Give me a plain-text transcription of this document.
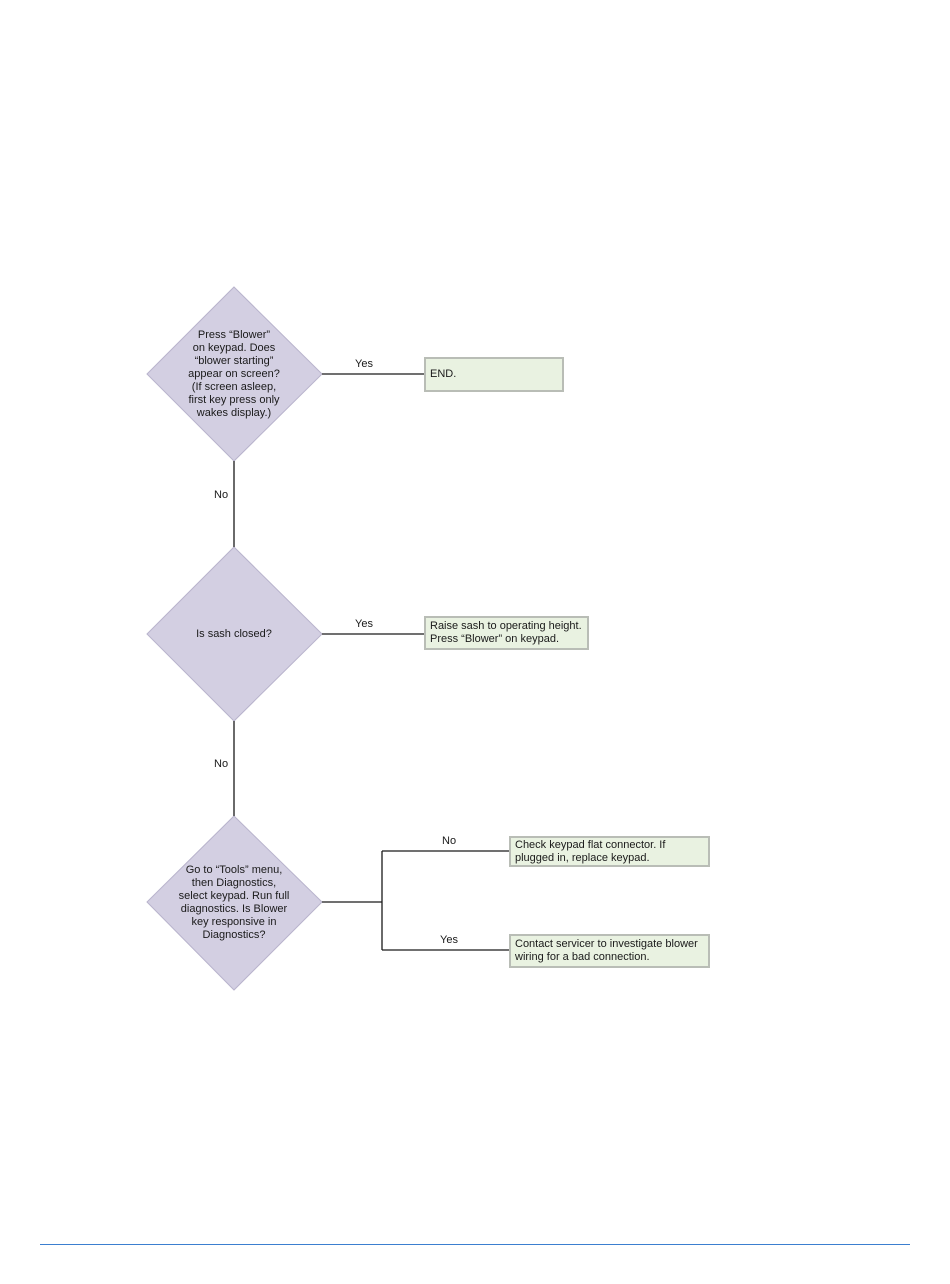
Press “Blower”
on keypad. Does
“blower starting”
appear on screen?
(If screen asleep,
first key press only
wakes display.)
Is sash closed?
Go to “Tools” menu,
then Diagnostics,
select keypad. Run full
diagnostics. Is Blower
key responsive in
Diagnostics?
END.
Raise sash to operating height.
Press “Blower” on keypad.
Check keypad flat connector. If
plugged in, replace keypad.
Contact servicer to investigate blower
wiring for a bad connection.
Yes
No
Yes
No
No
Yes
